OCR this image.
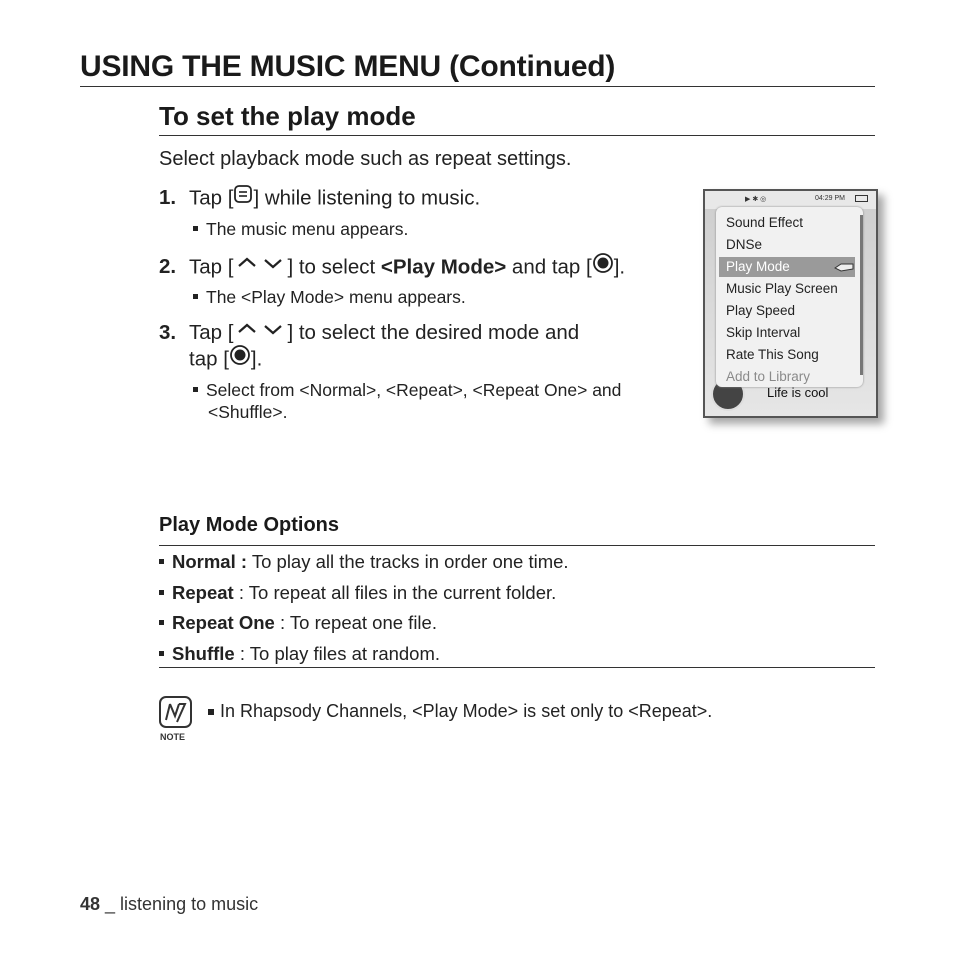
USING THE MUSIC MENU (Continued)
To set the play mode
Select playback mode such as repeat settings.
1. Tap [ ] while listening to music.
The music menu appears.
2. Tap [	] to select <Play Mode> and tap [ ].
The <Play Mode> menu appears.
3. Tap [	] to select the desired mode and
tap [ ].
Select from <Normal>, <Repeat>, <Repeat One> and
<Shuffle>.
▶ ✱ ◎	04:29 PM
Sound Effect
DNSe
Play Mode
Music Play Screen
Play Speed
Skip Interval
Rate This Song
Add to Library
Life is cool
Play Mode Options
Normal : To play all the tracks in order one time.
Repeat : To repeat all files in the current folder.
Repeat One : To repeat one file.
Shuffle : To play files at random.
NOTE
In Rhapsody Channels, <Play Mode> is set only to <Repeat>.
48 _ listening to music
